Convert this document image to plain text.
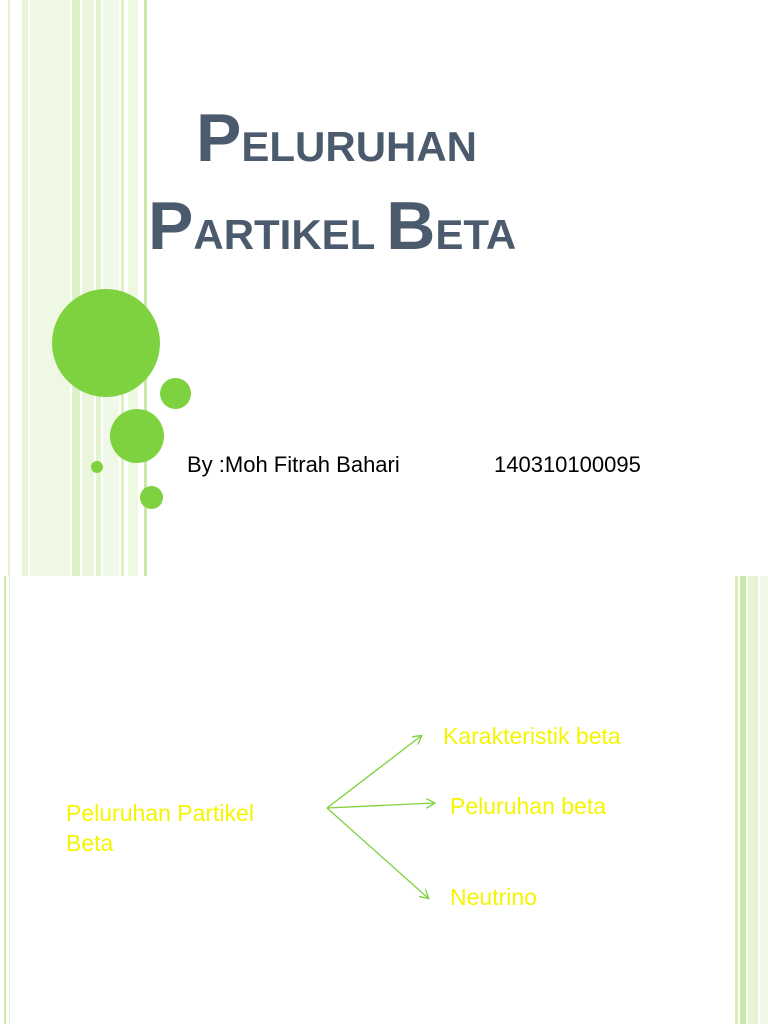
PELURUHAN
PARTIKEL BETA
By :Moh Fitrah Bahari	140310100095
Peluruhan Partikel Beta
Karakteristik beta
Peluruhan beta
Neutrino
